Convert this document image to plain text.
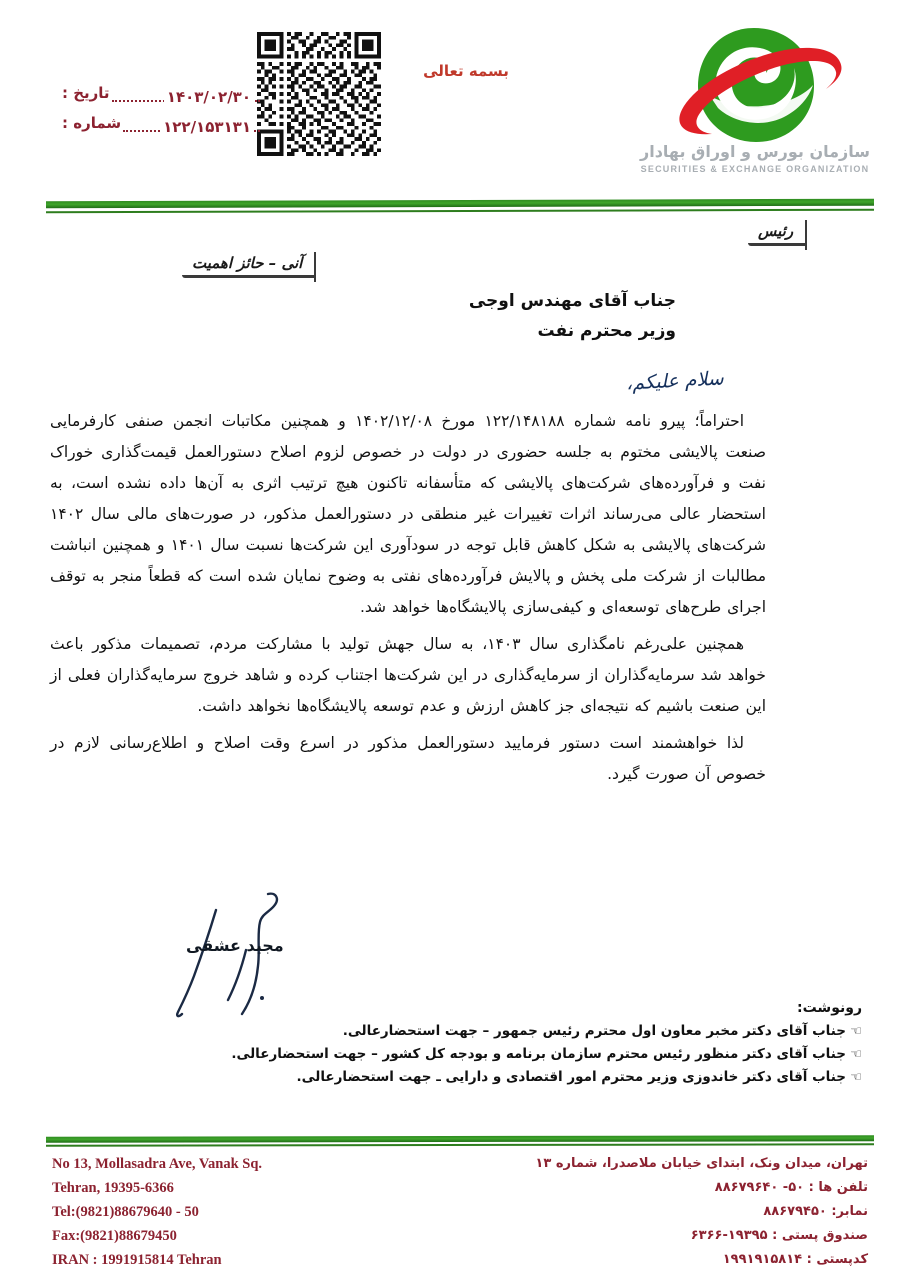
بسمه تعالی
تاریخ :	۱۴۰۳/۰۲/۳۰
شماره :	۱۲۲/۱۵۳۱۳۱
سازمان بورس و اوراق بهادار
SECURITIES & EXCHANGE ORGANIZATION
رئیس
آنی – حائز اهمیت
جناب آقای مهندس اوجی
وزیر محترم نفت
سلام علیکم،

احتراماً؛ پیرو نامه شماره ۱۲۲/۱۴۸۱۸۸ مورخ ۱۴۰۲/۱۲/۰۸ و همچنین مکاتبات انجمن صنفی کارفرمایی صنعت پالایشی مختوم به جلسه حضوری در دولت در خصوص لزوم اصلاح دستورالعمل قیمت‌گذاری خوراک نفت و فرآورده‌های شرکت‌های پالایشی که متأسفانه تاکنون هیچ ترتیب اثری به آن‌ها داده نشده است، به استحضار عالی می‌رساند اثرات تغییرات غیر منطقی در دستورالعمل مذکور، در صورت‌های مالی سال ۱۴۰۲ شرکت‌های پالایشی به شکل کاهش قابل توجه در سودآوری این شرکت‌ها نسبت سال ۱۴۰۱ و همچنین انباشت مطالبات از شرکت ملی پخش و پالایش فرآورده‌های نفتی به وضوح نمایان شده است که قطعاً منجر به توقف اجرای طرح‌های توسعه‌ای و کیفی‌سازی پالایشگاه‌ها خواهد شد.

همچنین علی‌رغم نامگذاری سال ۱۴۰۳، به سال جهش تولید با مشارکت مردم، تصمیمات مذکور باعث خواهد شد سرمایه‌گذاران از سرمایه‌گذاری در این شرکت‌ها اجتناب کرده و شاهد خروج سرمایه‌گذاران فعلی از این صنعت باشیم که نتیجه‌ای جز کاهش ارزش و عدم توسعه پالایشگاه‌ها نخواهد داشت.

لذا خواهشمند است دستور فرمایید دستورالعمل مذکور در اسرع وقت اصلاح و اطلاع‌رسانی لازم در خصوص آن صورت گیرد.

مجید عشقی
رونوشت:
☜جناب آقای دکتر مخبر معاون اول محترم رئیس جمهور – جهت استحضارعالی.
☜جناب آقای دکتر منظور رئیس محترم سازمان برنامه و بودجه کل کشور – جهت استحضارعالی.
☜جناب آقای دکتر خاندوزی وزیر محترم امور اقتصادی و دارایی ـ جهت استحضارعالی.
No 13, Mollasadra Ave, Vanak Sq.
Tehran, 19395-6366
Tel:(9821)88679640 - 50
Fax:(9821)88679450
IRAN : 1991915814 Tehran
تهران، میدان ونک، ابتدای خیابان ملاصدرا، شماره ۱۳
تلفن ها : ۵۰- ۸۸۶۷۹۶۴۰
نمابر: ۸۸۶۷۹۴۵۰
صندوق پستی : ۱۹۳۹۵-۶۳۶۶
کدپستی : ۱۹۹۱۹۱۵۸۱۴
